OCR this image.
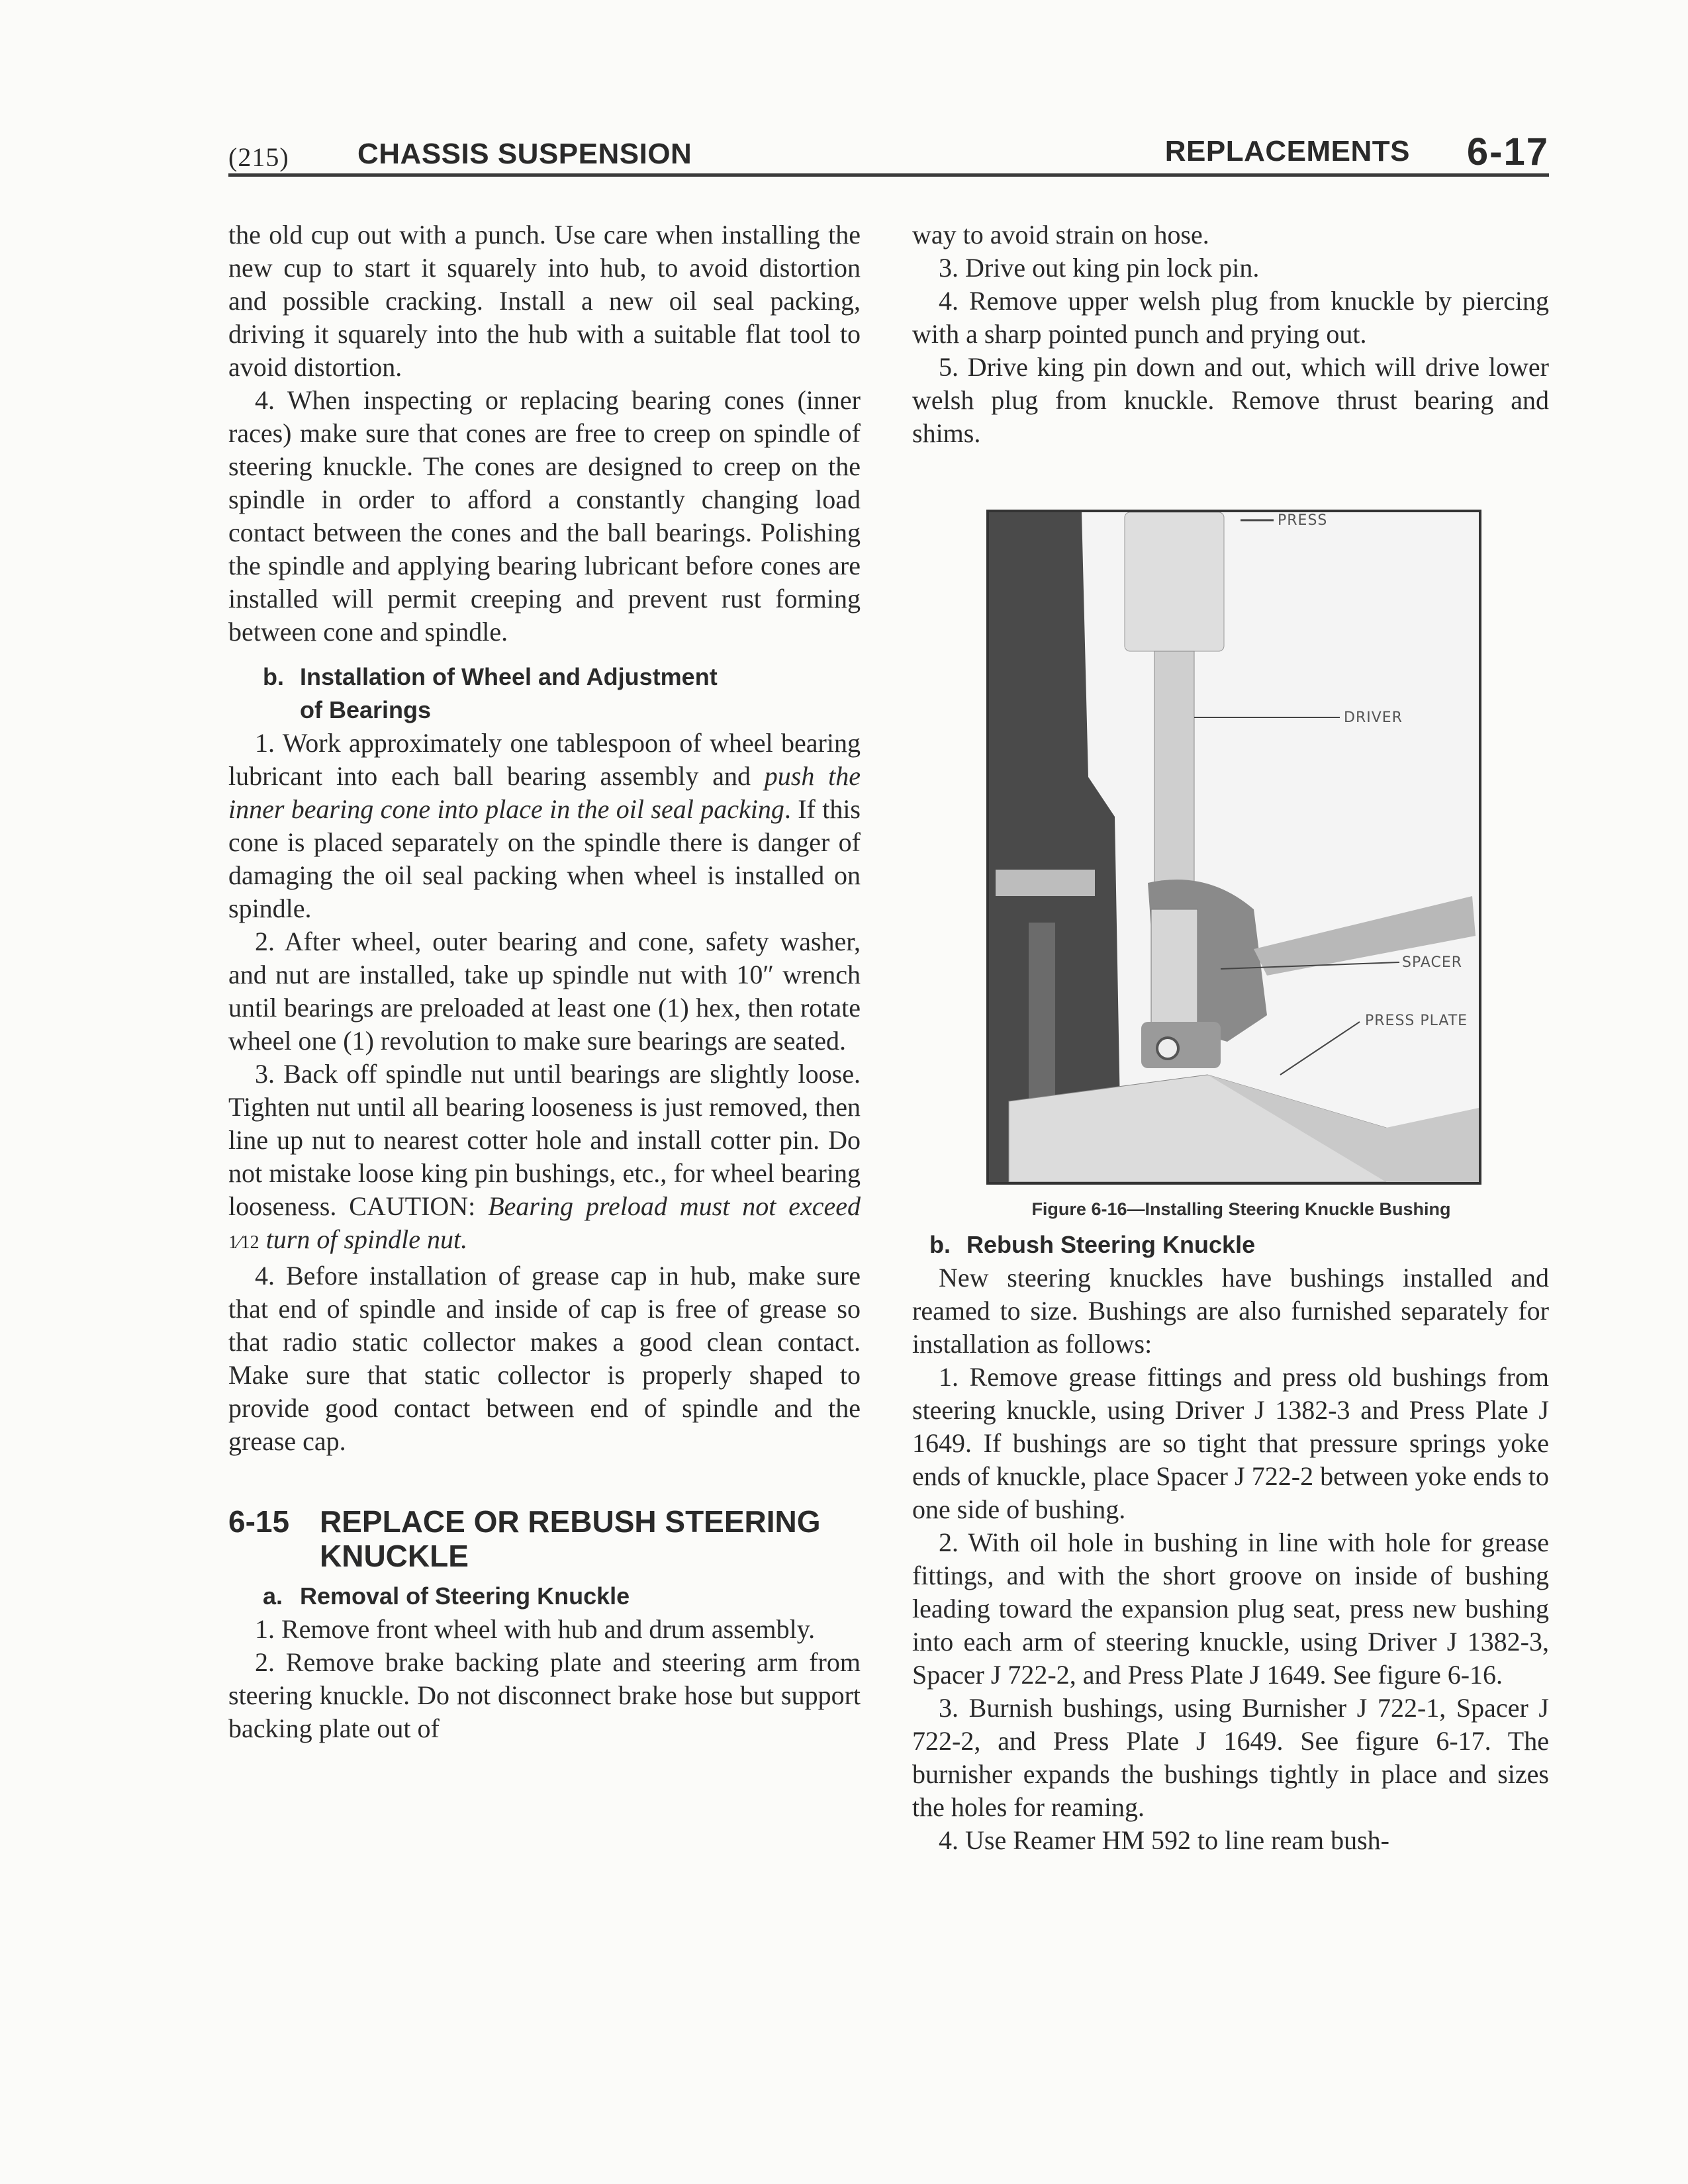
(215) CHASSIS SUSPENSION	REPLACEMENTS 6-17

the old cup out with a punch. Use care when installing the new cup to start it squarely into hub, to avoid distortion and possible cracking. Install a new oil seal packing, driving it squarely into the hub with a suitable flat tool to avoid distortion.

4. When inspecting or replacing bearing cones (inner races) make sure that cones are free to creep on spindle of steering knuckle. The cones are designed to creep on the spindle in order to afford a constantly changing load contact between the cones and the ball bearings. Polishing the spindle and applying bearing lubricant before cones are installed will permit creeping and prevent rust forming between cone and spindle.

b. Installation of Wheel and Adjustment
of Bearings

1. Work approximately one tablespoon of wheel bearing lubricant into each ball bearing assembly and push the inner bearing cone into place in the oil seal packing. If this cone is placed separately on the spindle there is danger of damaging the oil seal packing when wheel is installed on spindle.

2. After wheel, outer bearing and cone, safety washer, and nut are installed, take up spindle nut with 10″ wrench until bearings are preloaded at least one (1) hex, then rotate wheel one (1) revolution to make sure bearings are seated.

3. Back off spindle nut until bearings are slightly loose. Tighten nut until all bearing looseness is just removed, then line up nut to nearest cotter hole and install cotter pin. Do not mistake loose king pin bushings, etc., for wheel bearing looseness. CAUTION: Bearing preload must not exceed 1⁄12 turn of spindle nut.

4. Before installation of grease cap in hub, make sure that end of spindle and inside of cap is free of grease so that radio static collector makes a good clean contact. Make sure that static collector is properly shaped to provide good contact between end of spindle and the grease cap.

6-15 REPLACE OR REBUSH STEERING
KNUCKLE
a. Removal of Steering Knuckle

1. Remove front wheel with hub and drum assembly.

2. Remove brake backing plate and steering arm from steering knuckle. Do not disconnect brake hose but support backing plate out of

way to avoid strain on hose.

3. Drive out king pin lock pin.

4. Remove upper welsh plug from knuckle by piercing with a sharp pointed punch and prying out.

5. Drive king pin down and out, which will drive lower welsh plug from knuckle. Remove thrust bearing and shims.

PRESS
DRIVER
SPACER
PRESS PLATE
Figure 6-16—Installing Steering Knuckle Bushing
b. Rebush Steering Knuckle

New steering knuckles have bushings installed and reamed to size. Bushings are also furnished separately for installation as follows:

1. Remove grease fittings and press old bushings from steering knuckle, using Driver J 1382-3 and Press Plate J 1649. If bushings are so tight that pressure springs yoke ends of knuckle, place Spacer J 722-2 between yoke ends to one side of bushing.

2. With oil hole in bushing in line with hole for grease fittings, and with the short groove on inside of bushing leading toward the expansion plug seat, press new bushing into each arm of steering knuckle, using Driver J 1382-3, Spacer J 722-2, and Press Plate J 1649. See figure 6-16.

3. Burnish bushings, using Burnisher J 722-1, Spacer J 722-2, and Press Plate J 1649. See figure 6-17. The burnisher expands the bushings tightly in place and sizes the holes for reaming.

4. Use Reamer HM 592 to line ream bush-
